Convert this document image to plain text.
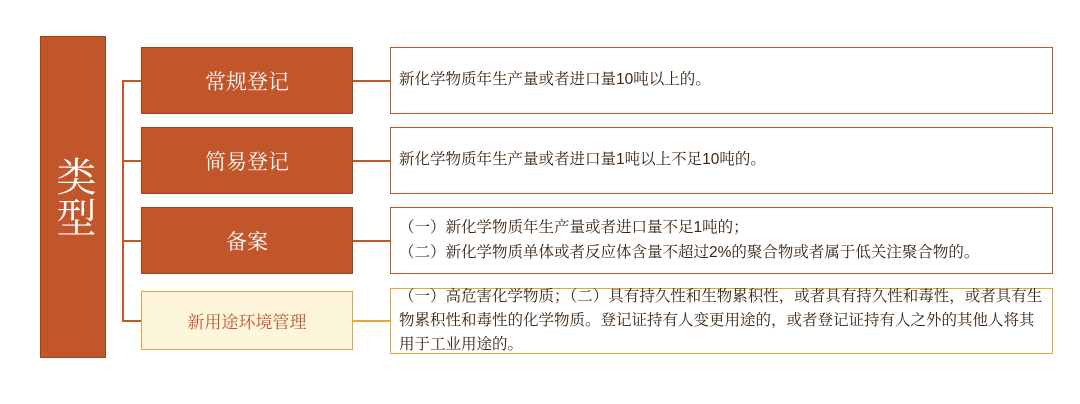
类型
常规登记
简易登记
备案
新用途环境管理
新化学物质年生产量或者进口量10吨以上的。
新化学物质年生产量或者进口量1吨以上不足10吨的。
（一）新化学物质年生产量或者进口量不足1吨的；
（二）新化学物质单体或者反应体含量不超过2%的聚合物或者属于低关注聚合物的。
（一）高危害化学物质；（二）具有持久性和生物累积性，或者具有持久性和毒性，或者具有生物累积性和毒性的化学物质。登记证持有人变更用途的，或者登记证持有人之外的其他人将其用于工业用途的。
